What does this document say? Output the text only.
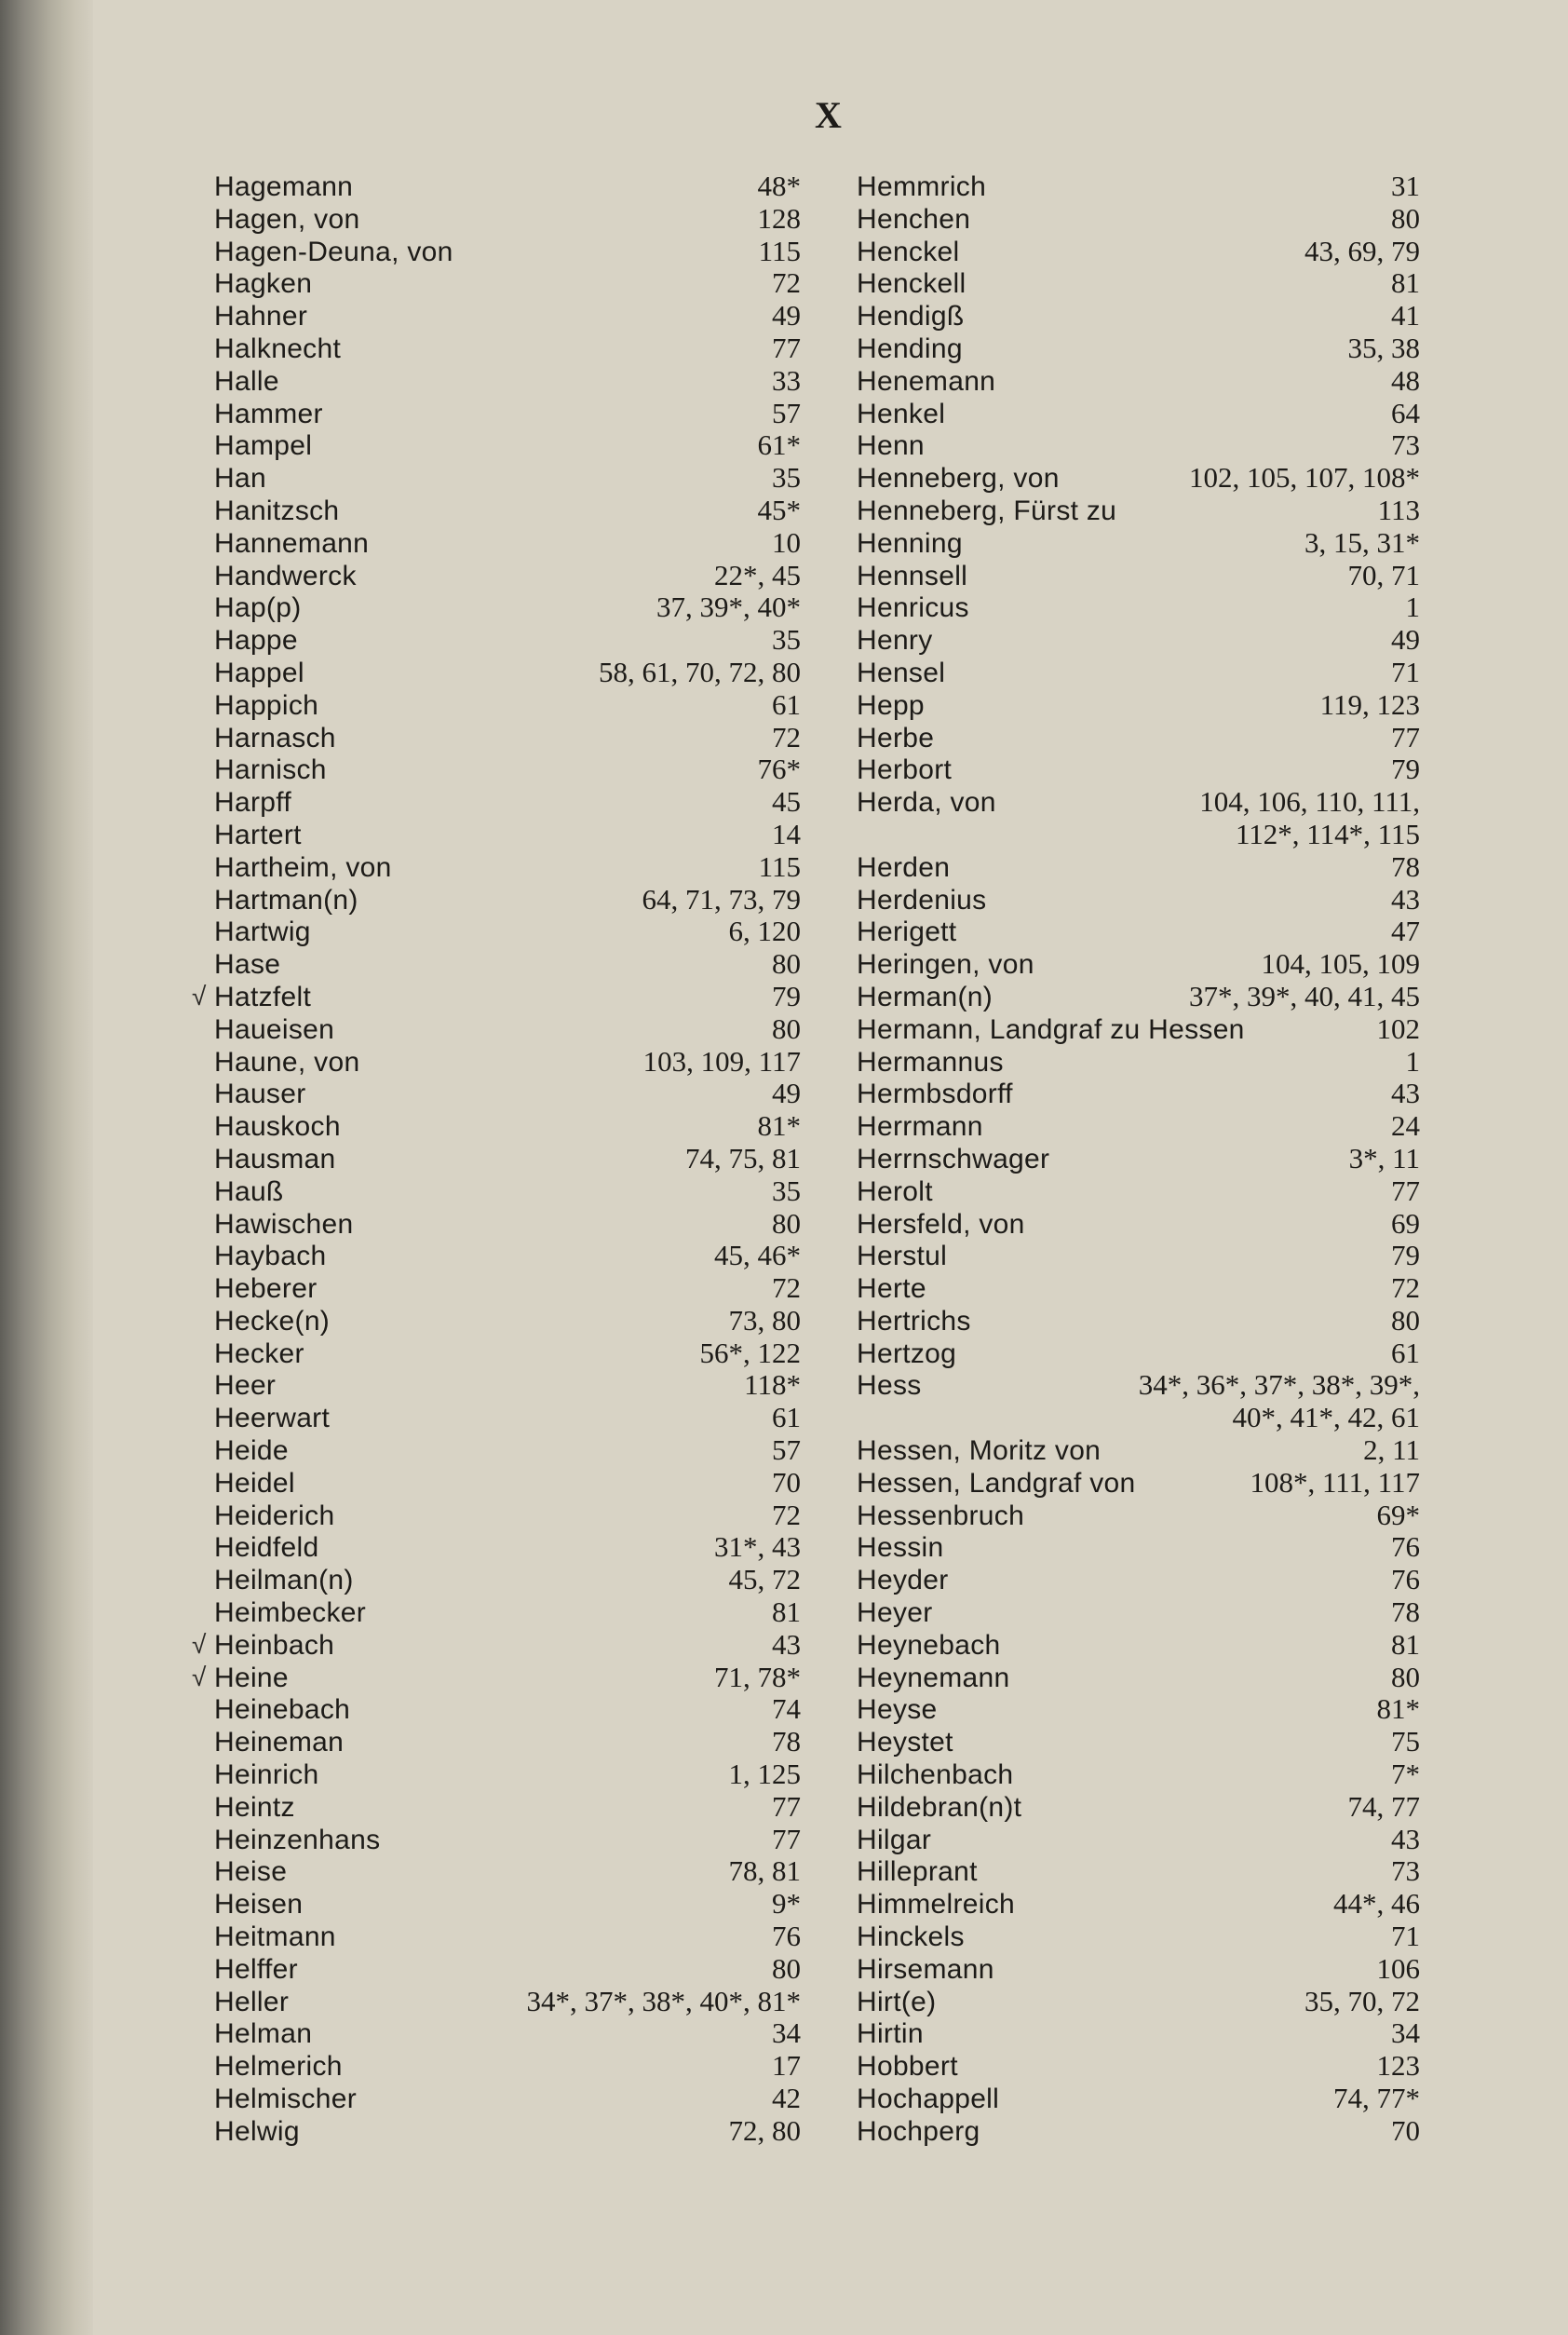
X
Hagemann	48*
Hagen, von	128
Hagen-Deuna, von	115
Hagken	72
Hahner	49
Halknecht	77
Halle	33
Hammer	57
Hampel	61*
Han	35
Hanitzsch	45*
Hannemann	10
Handwerck	22*, 45
Hap(p)	37, 39*, 40*
Happe	35
Happel	58, 61, 70, 72, 80
Happich	61
Harnasch	72
Harnisch	76*
Harpff	45
Hartert	14
Hartheim, von	115
Hartman(n)	64, 71, 73, 79
Hartwig	6, 120
Hase	80
√ Hatzfelt	79
Haueisen	80
Haune, von	103, 109, 117
Hauser	49
Hauskoch	81*
Hausman	74, 75, 81
Hauß	35
Hawischen	80
Haybach	45, 46*
Heberer	72
Hecke(n)	73, 80
Hecker	56*, 122
Heer	118*
Heerwart	61
Heide	57
Heidel	70
Heiderich	72
Heidfeld	31*, 43
Heilman(n)	45, 72
Heimbecker	81
√ Heinbach	43
√ Heine	71, 78*
Heinebach	74
Heineman	78
Heinrich	1, 125
Heintz	77
Heinzenhans	77
Heise	78, 81
Heisen	9*
Heitmann	76
Helffer	80
Heller	34*, 37*, 38*, 40*, 81*
Helman	34
Helmerich	17
Helmischer	42
Helwig	72, 80
Hemmrich	31
Henchen	80
Henckel	43, 69, 79
Henckell	81
Hendigß	41
Hending	35, 38
Henemann	48
Henkel	64
Henn	73
Henneberg, von	102, 105, 107, 108*
Henneberg, Fürst zu	113
Henning	3, 15, 31*
Hennsell	70, 71
Henricus	1
Henry	49
Hensel	71
Hepp	119, 123
Herbe	77
Herbort	79
Herda, von	104, 106, 110, 111,
112*, 114*, 115
Herden	78
Herdenius	43
Herigett	47
Heringen, von	104, 105, 109
Herman(n)	37*, 39*, 40, 41, 45
Hermann, Landgraf zu Hessen	102
Hermannus	1
Hermbsdorff	43
Herrmann	24
Herrnschwager	3*, 11
Herolt	77
Hersfeld, von	69
Herstul	79
Herte	72
Hertrichs	80
Hertzog	61
Hess	34*, 36*, 37*, 38*, 39*,
40*, 41*, 42, 61
Hessen, Moritz von	2, 11
Hessen, Landgraf von	108*, 111, 117
Hessenbruch	69*
Hessin	76
Heyder	76
Heyer	78
Heynebach	81
Heynemann	80
Heyse	81*
Heystet	75
Hilchenbach	7*
Hildebran(n)t	74, 77
Hilgar	43
Hilleprant	73
Himmelreich	44*, 46
Hinckels	71
Hirsemann	106
Hirt(e)	35, 70, 72
Hirtin	34
Hobbert	123
Hochappell	74, 77*
Hochperg	70
